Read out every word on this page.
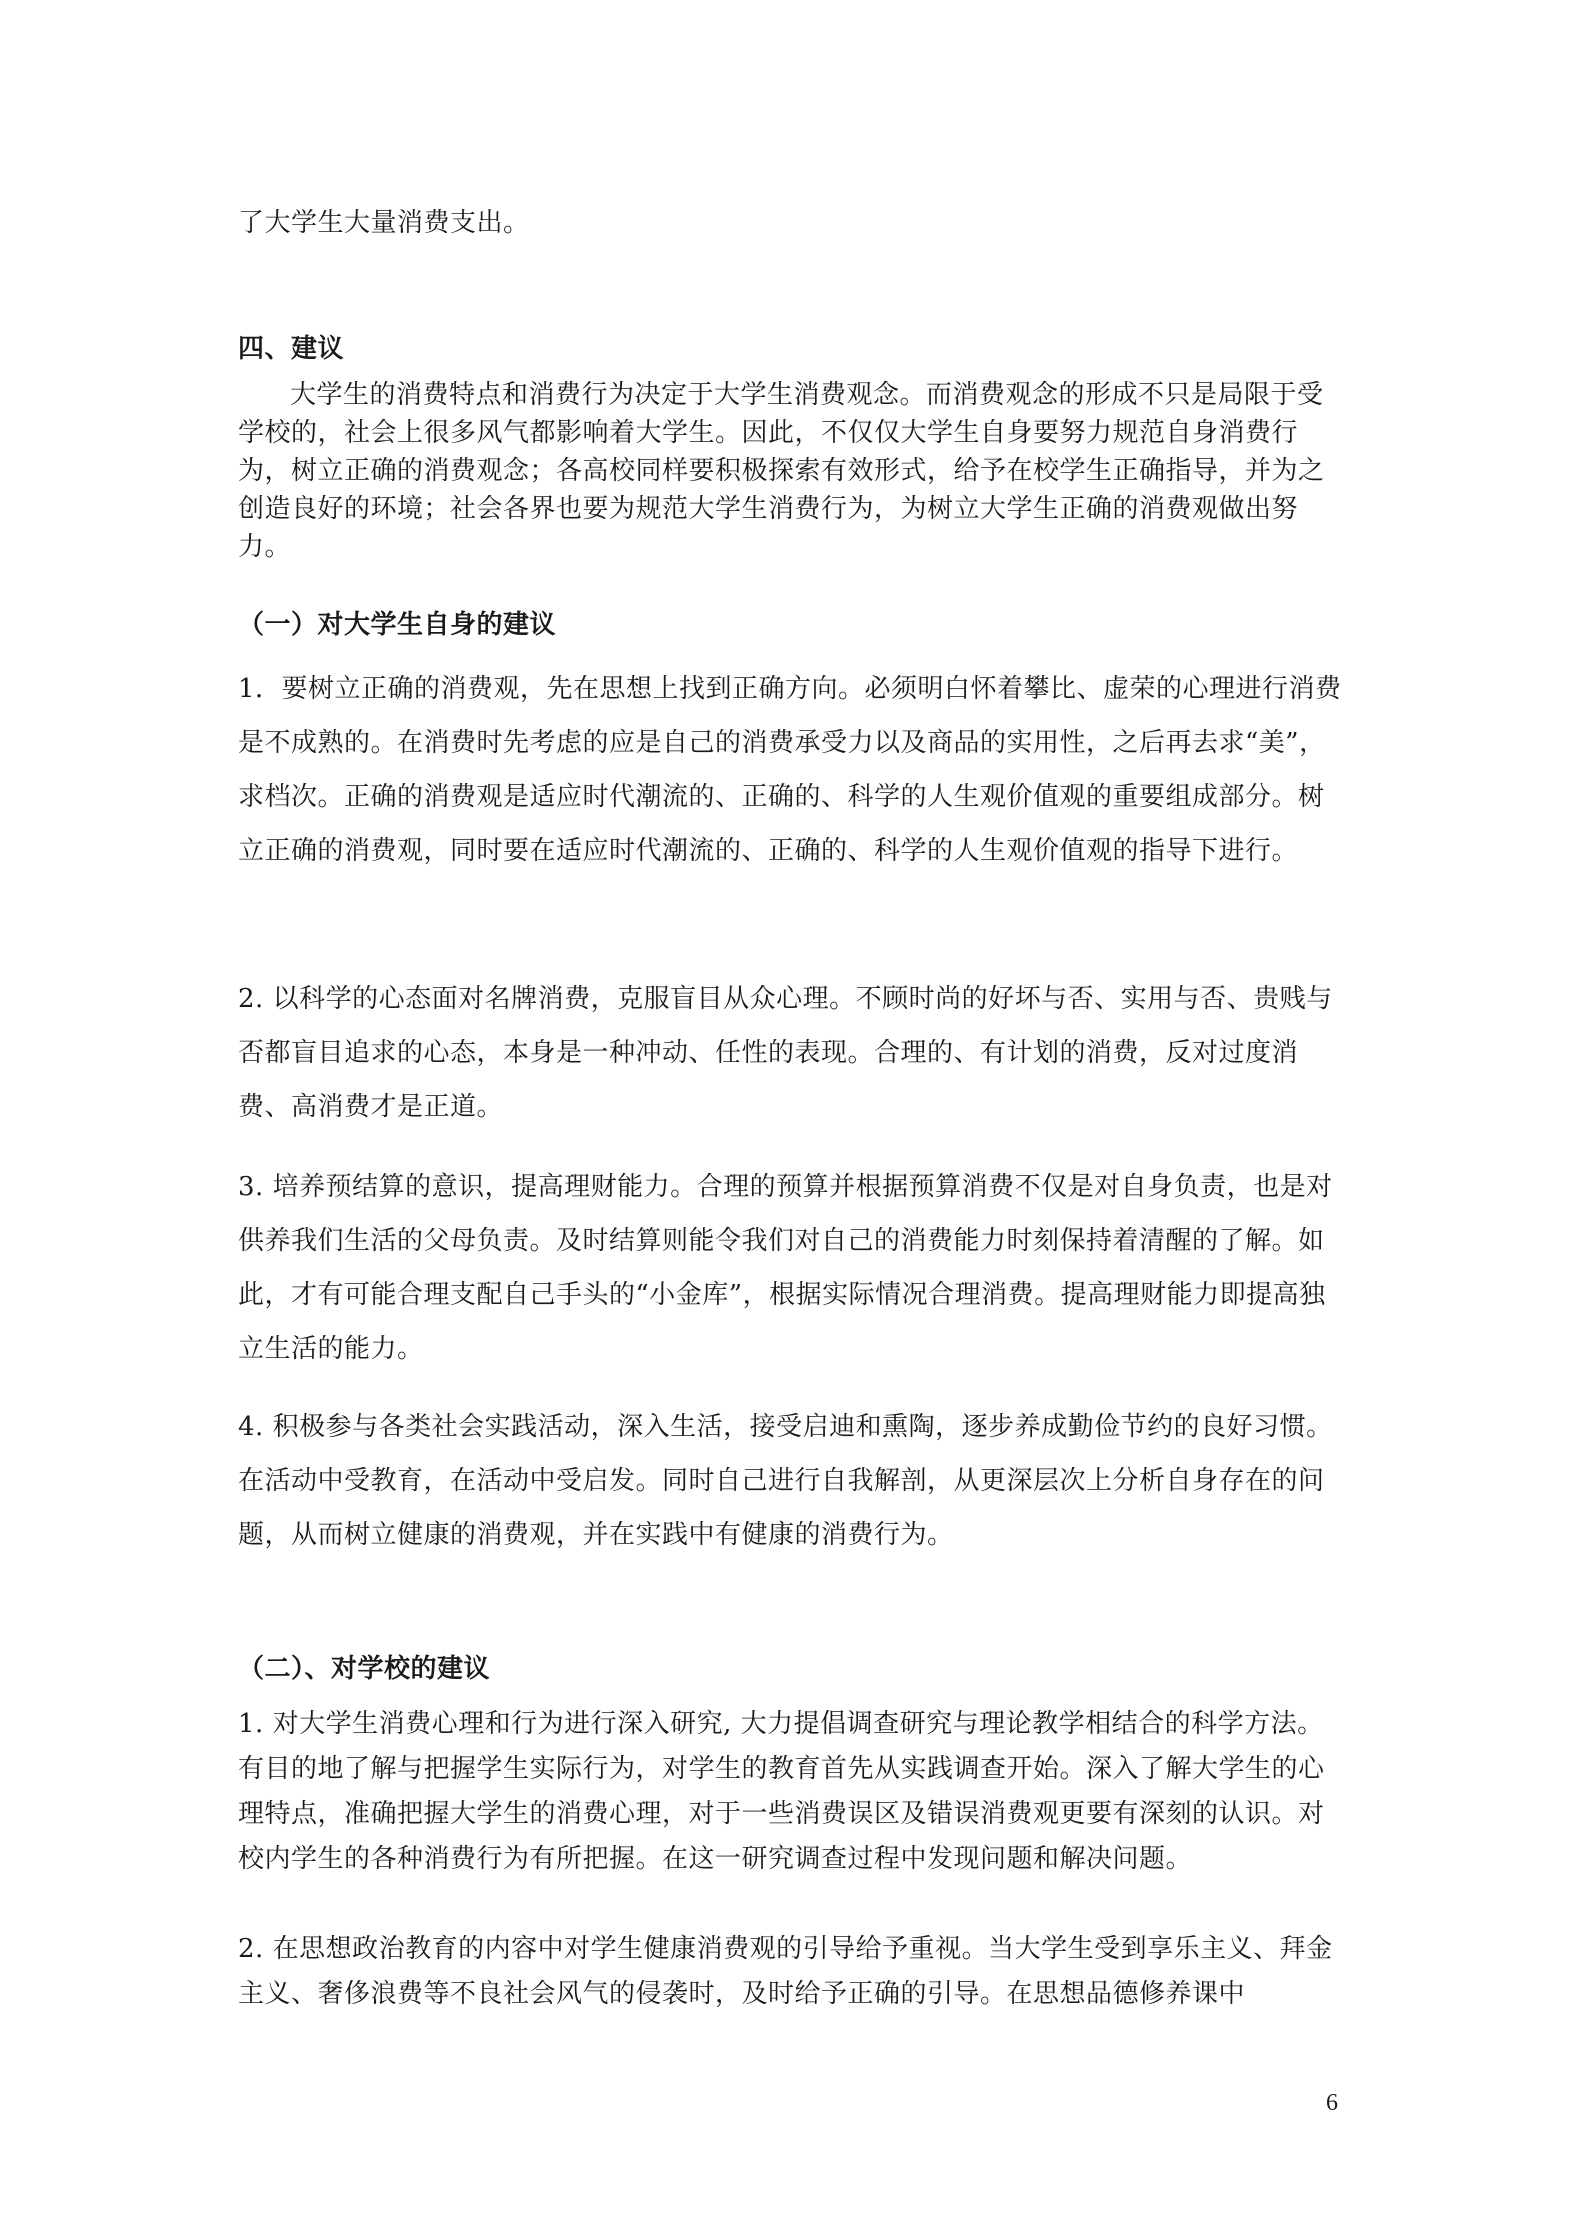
了大学生大量消费支出。

四、建议

大学生的消费特点和消费行为决定于大学生消费观念。而消费观念的形成不只是局限于受学校的，社会上很多风气都影响着大学生。因此，不仅仅大学生自身要努力规范自身消费行为，树立正确的消费观念；各高校同样要积极探索有效形式，给予在校学生正确指导，并为之创造良好的环境；社会各界也要为规范大学生消费行为，为树立大学生正确的消费观做出努力。

（一）对大学生自身的建议

1．要树立正确的消费观，先在思想上找到正确方向。必须明白怀着攀比、虚荣的心理进行消费是不成熟的。在消费时先考虑的应是自己的消费承受力以及商品的实用性，之后再去求“美”，求档次。正确的消费观是适应时代潮流的、正确的、科学的人生观价值观的重要组成部分。树立正确的消费观，同时要在适应时代潮流的、正确的、科学的人生观价值观的指导下进行。

2. 以科学的心态面对名牌消费，克服盲目从众心理。不顾时尚的好坏与否、实用与否、贵贱与否都盲目追求的心态，本身是一种冲动、任性的表现。合理的、有计划的消费，反对过度消费、高消费才是正道。

3. 培养预结算的意识，提高理财能力。合理的预算并根据预算消费不仅是对自身负责，也是对供养我们生活的父母负责。及时结算则能令我们对自己的消费能力时刻保持着清醒的了解。如此，才有可能合理支配自己手头的“小金库”，根据实际情况合理消费。提高理财能力即提高独立生活的能力。

4. 积极参与各类社会实践活动，深入生活，接受启迪和熏陶，逐步养成勤俭节约的良好习惯。在活动中受教育，在活动中受启发。同时自己进行自我解剖，从更深层次上分析自身存在的问题，从而树立健康的消费观，并在实践中有健康的消费行为。

（二）、对学校的建议

1. 对大学生消费心理和行为进行深入研究, 大力提倡调查研究与理论教学相结合的科学方法。有目的地了解与把握学生实际行为，对学生的教育首先从实践调查开始。深入了解大学生的心理特点，准确把握大学生的消费心理，对于一些消费误区及错误消费观更要有深刻的认识。对校内学生的各种消费行为有所把握。在这一研究调查过程中发现问题和解决问题。

2. 在思想政治教育的内容中对学生健康消费观的引导给予重视。当大学生受到享乐主义、拜金主义、奢侈浪费等不良社会风气的侵袭时，及时给予正确的引导。在思想品德修养课中

6
